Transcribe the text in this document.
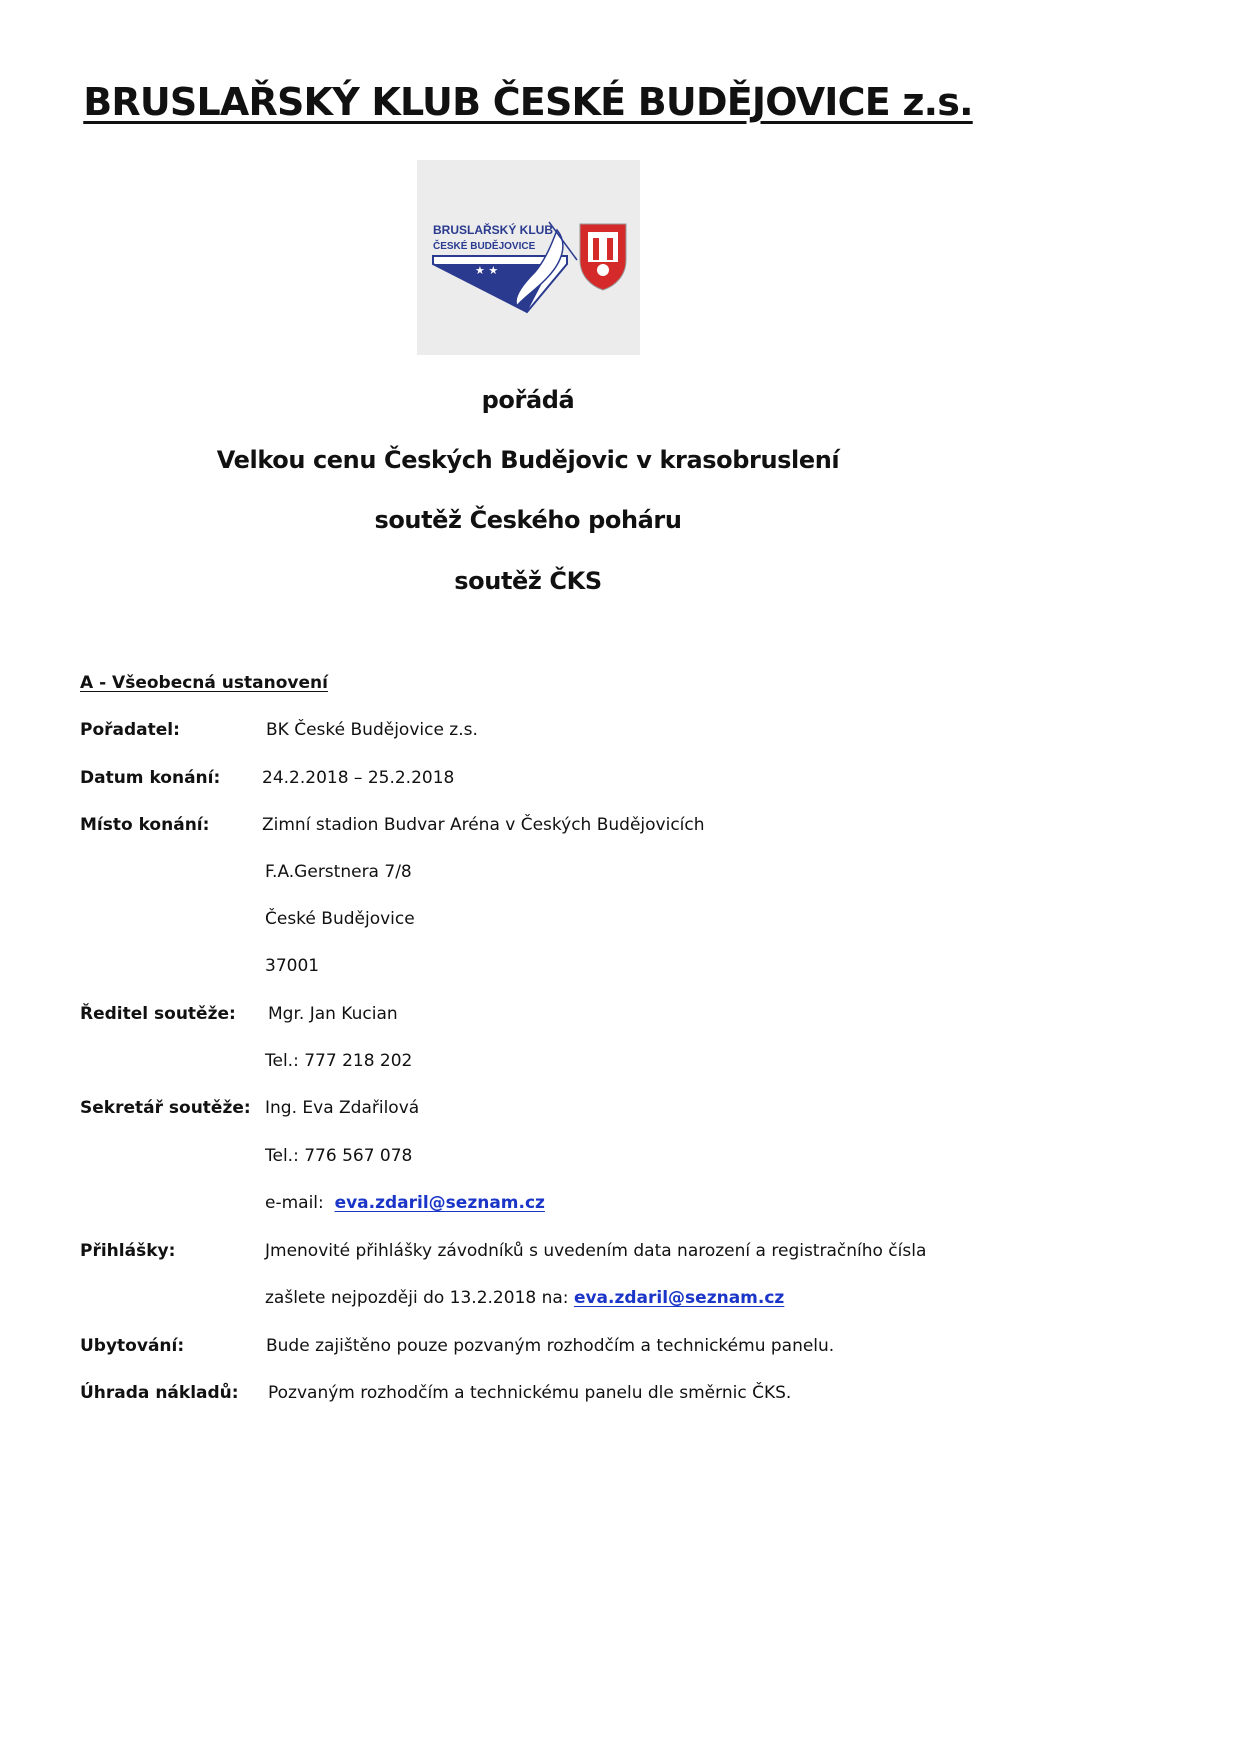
BRUSLAŘSKÝ KLUB ČESKÉ BUDĚJOVICE z.s.
BRUSLAŘSKÝ KLUB
ČESKÉ BUDĚJOVICE
★ ★
pořádá
Velkou cenu Českých Budějovic v krasobruslení
soutěž Českého poháru
soutěž ČKS
A - Všeobecná ustanovení
Pořadatel:	BK České Budějovice z.s.
Datum konání: 24.2.2018 – 25.2.2018
Místo konání:	Zimní stadion Budvar Aréna v Českých Budějovicích
F.A.Gerstnera 7/8
České Budějovice
37001
Ředitel soutěže: Mgr. Jan Kucian
Tel.: 777 218 202
Sekretář soutěže: Ing. Eva Zdařilová
Tel.: 776 567 078
e-mail: eva.zdaril@seznam.cz
Přihlášky:	Jmenovité přihlášky závodníků s uvedením data narození a registračního čísla
zašlete nejpozději do 13.2.2018 na: eva.zdaril@seznam.cz
Ubytování:	Bude zajištěno pouze pozvaným rozhodčím a technickému panelu.
Úhrada nákladů: Pozvaným rozhodčím a technickému panelu dle směrnic ČKS.
